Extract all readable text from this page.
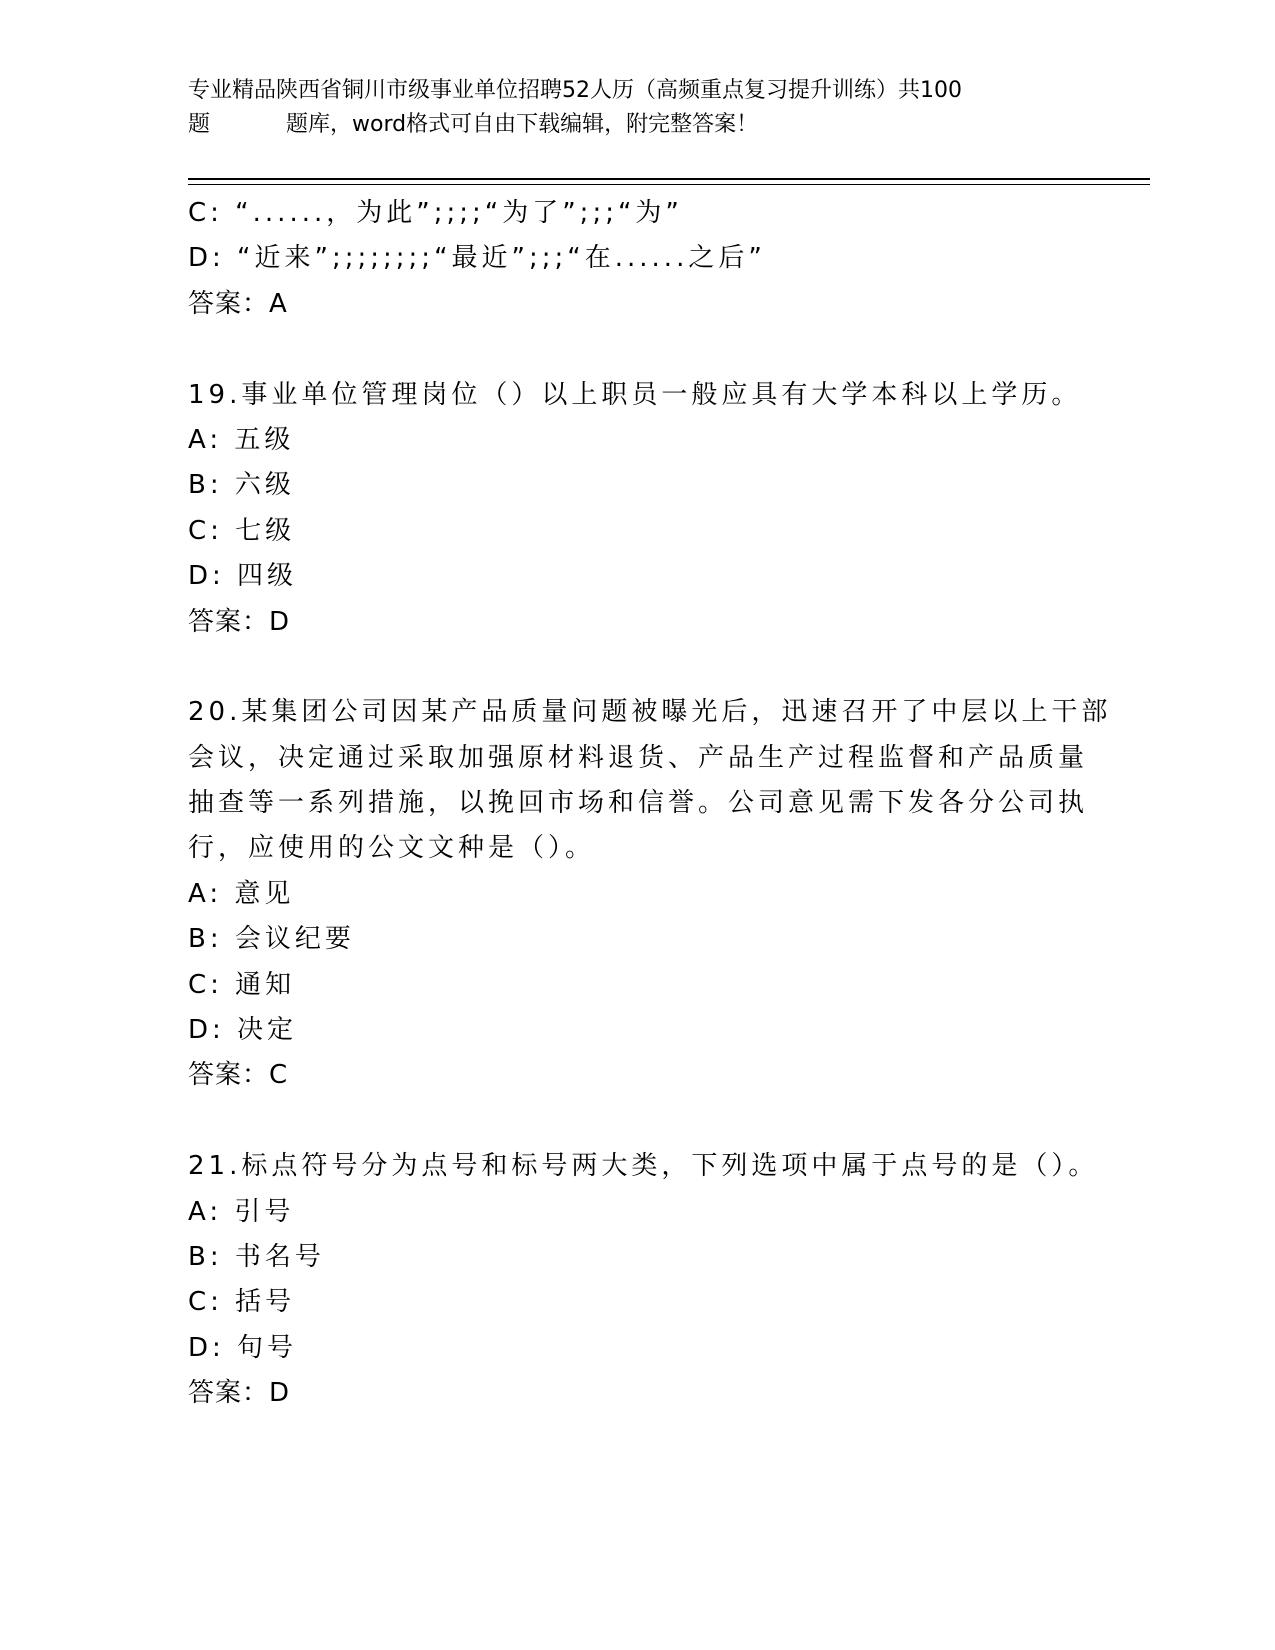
专业精品陕西省铜川市级事业单位招聘52人历（高频重点复习提升训练）共100
题	题库，word格式可自由下载编辑，附完整答案！
C: “......，为此”;;;;“为了”;;;“为”
D: “近来”;;;;;;;;“最近”;;;“在......之后”
答案：A
19.事业单位管理岗位（）以上职员一般应具有大学本科以上学历。
A: 五级
B: 六级
C: 七级
D: 四级
答案：D
20.某集团公司因某产品质量问题被曝光后，迅速召开了中层以上干部
会议，决定通过采取加强原材料退货、产品生产过程监督和产品质量
抽查等一系列措施，以挽回市场和信誉。公司意见需下发各分公司执
行，应使用的公文文种是（）。
A: 意见
B: 会议纪要
C: 通知
D: 决定
答案：C
21.标点符号分为点号和标号两大类，下列选项中属于点号的是（）。
A: 引号
B: 书名号
C: 括号
D: 句号
答案：D
